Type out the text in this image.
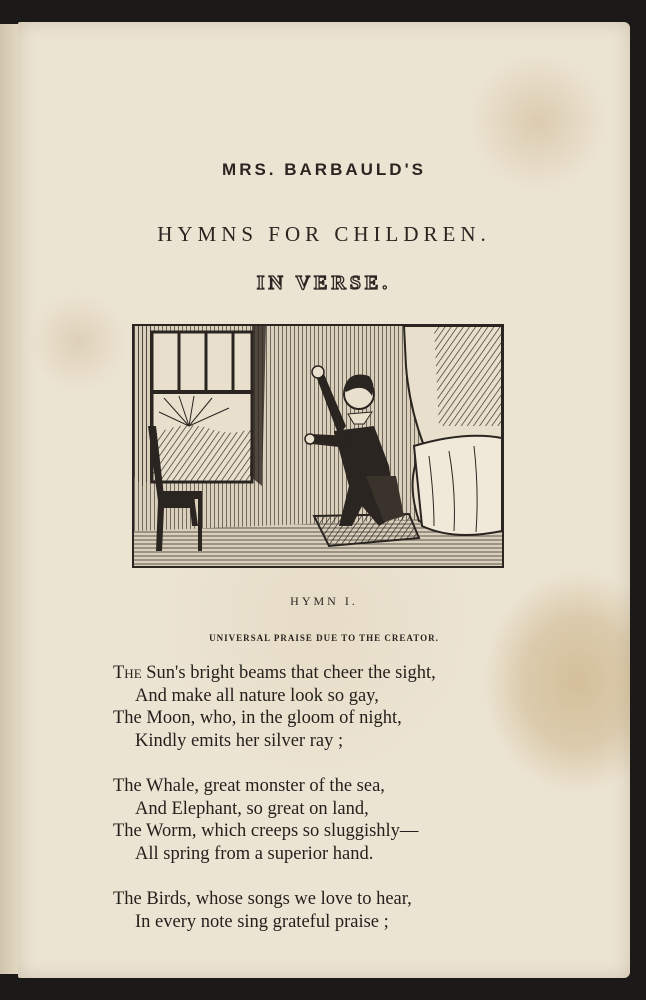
MRS. BARBAULD'S
HYMNS FOR CHILDREN.
IN VERSE.
HYMN I.
UNIVERSAL PRAISE DUE TO THE CREATOR.
The Sun's bright beams that cheer the sight,
And make all nature look so gay,
The Moon, who, in the gloom of night,
Kindly emits her silver ray ;
The Whale, great monster of the sea,
And Elephant, so great on land,
The Worm, which creeps so sluggishly—
All spring from a superior hand.
The Birds, whose songs we love to hear,
In every note sing grateful praise ;
